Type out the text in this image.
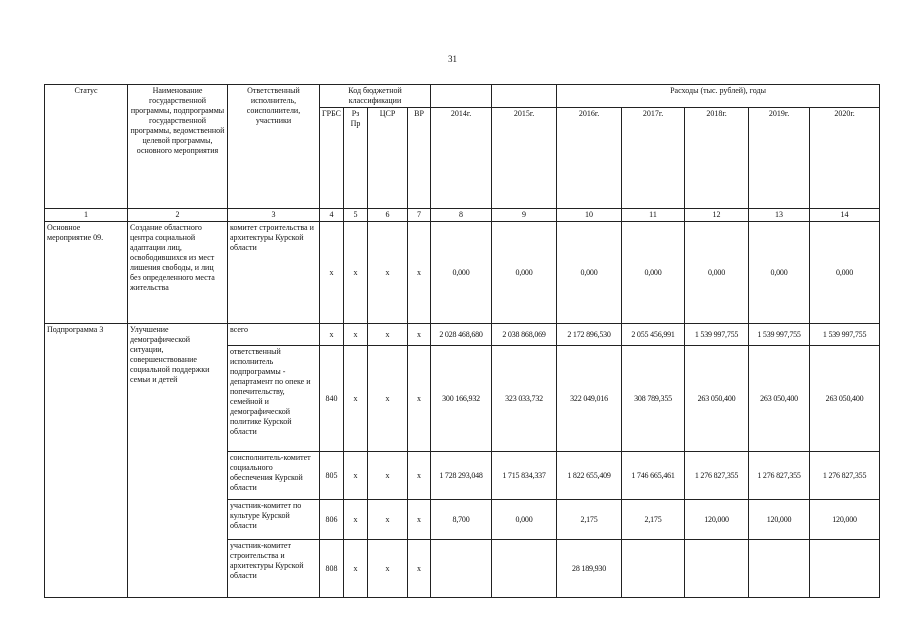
31
Статус	Наименование государственной программы, подпрограммы государственной программы, ведомственной целевой программы, основного мероприятия	Ответственный исполнитель, соисполнители, участники	Код бюджетной классификации						Расходы (тыс. рублей), годы				
			ГРБС	Рз Пр	ЦСР	ВР	2014г.	2015г.	2016г.	2017г.	2018г.	2019г.	2020г.
1	2	3	4	5	6	7	8	9	10	11	12	13	14
Основное мероприятие 09.	Создание областного центра социальной адаптации лиц, освободившихся из мест лишения свободы, и лиц без определенного места жительства	комитет строительства и архитектуры Курской области	х	х	х	х	0,000	0,000	0,000	0,000	0,000	0,000	0,000
Подпрограмма 3	Улучшение демографической ситуации, совершенствование социальной поддержки семьи и детей	всего	х	х	х	х	2 028 468,680	2 038 868,069	2 172 896,530	2 055 456,991	1 539 997,755	1 539 997,755	1 539 997,755
		ответственный исполнитель подпрограммы - департамент по опеке и попечительству, семейной и демографической политике Курской области	840	х	х	х	300 166,932	323 033,732	322 049,016	308 789,355	263 050,400	263 050,400	263 050,400
		соисполнитель-комитет социального обеспечения Курской области	805	х	х	х	1 728 293,048	1 715 834,337	1 822 655,409	1 746 665,461	1 276 827,355	1 276 827,355	1 276 827,355
		участник-комитет по культуре Курской области	806	х	х	х	8,700	0,000	2,175	2,175	120,000	120,000	120,000
		участник-комитет строительства и архитектуры Курской области	808	х	х	х			28 189,930				
